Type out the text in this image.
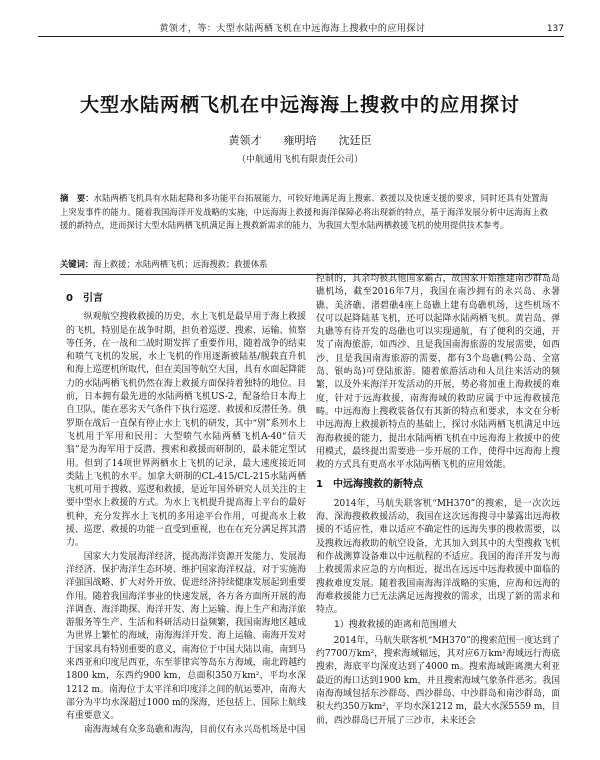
黄领才，等：大型水陆两栖飞机在中远海海上搜救中的应用探讨	137
大型水陆两栖飞机在中远海海上搜救中的应用探讨
黄领才　　雍明培　　沈廷臣
（中航通用飞机有限责任公司）
摘　要：水陆两栖飞机具有水陆起降和多功能平台拓展能力，可较好地满足海上搜索、救援以及快速支援的要求，同时还具有处置海上突发事件的能力。随着我国海洋开发战略的实施，中远海海上救援和海洋保障必将出现新的特点，基于海洋发展分析中远海海上救援的新特点，进而探讨大型水陆两栖飞机满足海上搜救新需求的能力，为我国大型水陆两栖救援飞机的使用提供技术参考。
关键词：海上救援；水陆两栖飞机；远海搜救；救援体系
0　引言

纵观航空搜救救援的历史，水上飞机是最早用于海上救援的飞机，特别是在战争时期，担负着巡逻、搜索、运输、侦察等任务，在一战和二战时期发挥了重要作用，随着战争的结束和喷气飞机的发展，水上飞机的作用逐渐被陆基/舰载直升机和海上巡逻机所取代，但在美国等航空大国，具有水面起降能力的水陆两栖飞机仍然在海上救援方面保持着独特的地位。目前，日本拥有最先进的水陆两栖飞机US-2，配备给日本海上自卫队，能在恶劣天气条件下执行巡逻、救援和反潜任务。俄罗斯在战后一直保有停止水上飞机的研发，其中“别”系列水上飞机用于军用和民用；大型喷气水陆两栖飞机A-40“信天翁”是为海军用于反潜、搜索和救援而研制的，最未能定型试用。但到了14项世界两栖水上飞机的记录，最大速度接近同类陆上飞机的水平。加拿大研制的CL-415/CL-215水陆两栖飞机可用于搜救、巡逻和救援，是近年国外研究人员关注的主要中型水上救援的方式。为水上飞机提升提高海上平台的最好机种，充分发挥水上飞机的多用途平台作用，可提高水上救援、巡逻、救援的功能一直受到重视，也在在充分满足挥其潜力。

国家大力发展海洋经济，提高海洋资源开发能力、发展海洋经济、保护海洋生态环境、维护国家海洋权益，对于实施海洋强国战略、扩大对外开放、促进经济持续健康发展起到重要作用。随着我国海洋事业的快速发展，各方各方面所开展的海洋调查、海洋勘探、海洋开发、海上运输、海上生产和海洋旅游服务等生产、生活和科研活动日益频繁，我国南海地区越成为世界上繁忙的海域，南海海洋开发、海上运输、南海开发对于国家具有特别重要的意义，南海位于中国大陆以南，南到马来西亚和印度尼西亚，东至菲律宾等岛东方海域，南北跨越约1800 km，东西约900 km，总面积350万km²，平均水深1212 m。南海位于太平洋和印度洋之间的航运要冲，南海大部分为平均水深超过1000 m的深海，还包括上、国际上航线有重要意义。

南海海域有众多岛礁和海沟，目前仅有永兴岛机场是中国

控制的，其余均被其他国家霸占，故国家开始推建南沙群岛岛礁机场，截至2016年7月，我国在南沙拥有的永兴岛、永暑礁、美济礁、渚碧礁4座上岛礁上建有岛礁机场，这些机场不仅可以起降陆基飞机，还可以起降水陆两栖飞机。黄岩岛、弹丸礁等有待开发的岛礁也可以实现通航，有了便利的交通，开发了南海旅游，如西沙、且是我国南海旅游的发展需要，如西沙、且是我国南海旅游的需要，都有3个岛礁(鸭公岛、全富岛、银屿岛)可登陆旅游。随着旅游活动和人员往来活动的频繁，以及外来海洋开发活动的开展，势必将加重上海救援的难度，针对于远海救援，南海海域的救助应属于中远海救援范畴。中远海海上搜救装备仅有其新的特点和要求，本文在分析中远海海上救援新特点的基础上，探讨水陆两栖飞机满足中远海海救援的能力，提出水陆两栖飞机在中远海海上救援中的使用模式，最终提出需要进一步开展的工作，使得中远海海上搜救的方式具有更高水平水陆两栖飞机的应用效能。

1　中远海搜救的新特点

2014年，马航失联客机“MH370”的搜索，是一次次远海、深海搜救救援活动，我国在这次远海搜寻中暴露出远海救援的不适应性，难以适应不确定性的远海失事的搜救需要，以及搜救远海救助的航空设备，尤其加入到其中的大型搜救飞机和作战测算设备难以中远航程的不适应。我国的海洋开发与海上救援需求应急的方向相近，提出在远远中远海救援中面临的搜救难度发展。随着我国南海海洋战略的实施，应海和远海的海难救援能力已无法满足远海搜救的需求，出现了新的需求和特点。

1）搜救救援的距离和范围增大

2014年，马航失联客机“MH370”的搜索范围一度达到了约7700万km²，搜索海域辐远，其对应6万km²海域远行海底搜索，海底平均深度达到了4000 m。搜索海域距离澳大利亚最近的海口达到1900 km，并且搜索海域气象条件恶劣。我国南海海域包括东沙群岛、西沙群岛、中沙群岛和南沙群岛，面积大约350万km²，平均水深1212 m，最大水深5559 m，目前，西沙群岛已开展了三沙市，未来还会
